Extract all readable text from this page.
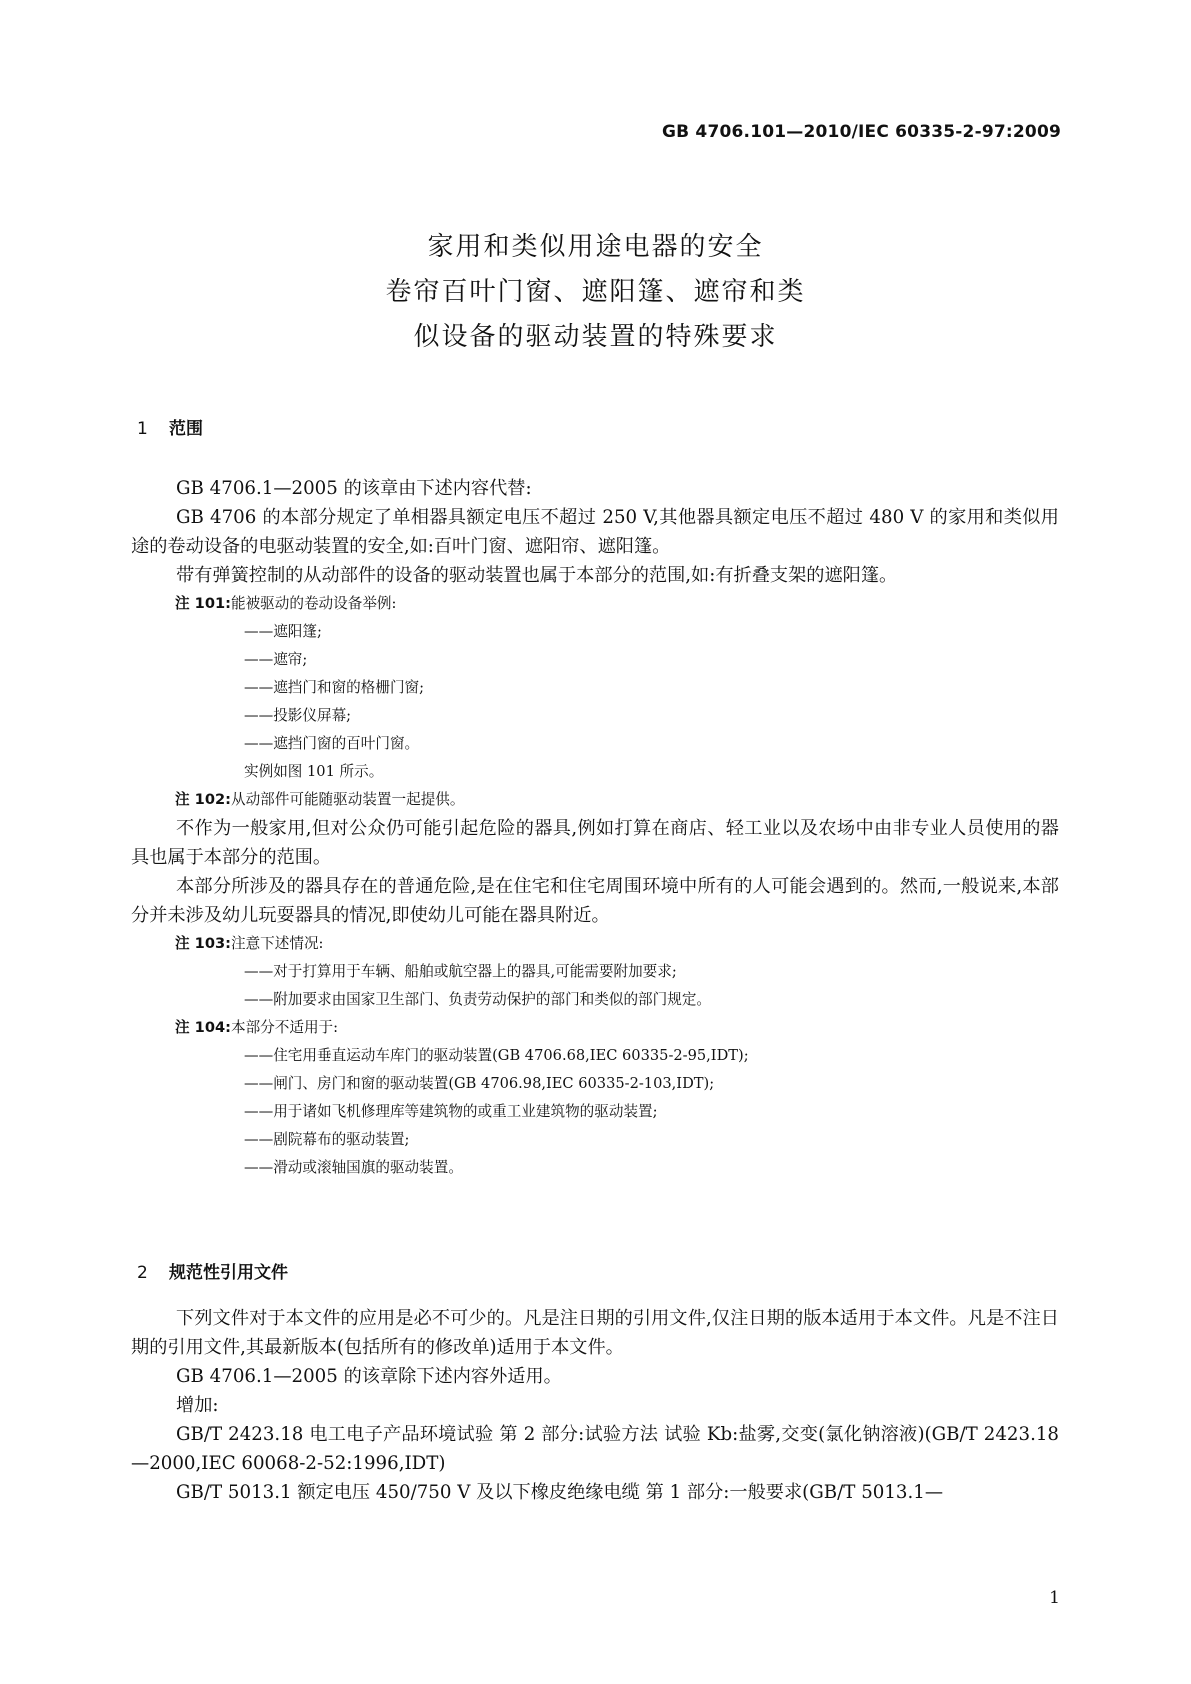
GB 4706.101—2010/IEC 60335-2-97:2009
家用和类似用途电器的安全
卷帘百叶门窗、遮阳篷、遮帘和类
似设备的驱动装置的特殊要求
1 范围
GB 4706.1—2005 的该章由下述内容代替:
GB 4706 的本部分规定了单相器具额定电压不超过 250 V,其他器具额定电压不超过 480 V 的家用和类似用途的卷动设备的电驱动装置的安全,如:百叶门窗、遮阳帘、遮阳篷。
带有弹簧控制的从动部件的设备的驱动装置也属于本部分的范围,如:有折叠支架的遮阳篷。
注 101:能被驱动的卷动设备举例:
——遮阳篷;
——遮帘;
——遮挡门和窗的格栅门窗;
——投影仪屏幕;
——遮挡门窗的百叶门窗。
实例如图 101 所示。
注 102:从动部件可能随驱动装置一起提供。
不作为一般家用,但对公众仍可能引起危险的器具,例如打算在商店、轻工业以及农场中由非专业人员使用的器具也属于本部分的范围。
本部分所涉及的器具存在的普通危险,是在住宅和住宅周围环境中所有的人可能会遇到的。然而,一般说来,本部分并未涉及幼儿玩耍器具的情况,即使幼儿可能在器具附近。
注 103:注意下述情况:
——对于打算用于车辆、船舶或航空器上的器具,可能需要附加要求;
——附加要求由国家卫生部门、负责劳动保护的部门和类似的部门规定。
注 104:本部分不适用于:
——住宅用垂直运动车库门的驱动装置(GB 4706.68,IEC 60335-2-95,IDT);
——闸门、房门和窗的驱动装置(GB 4706.98,IEC 60335-2-103,IDT);
——用于诸如飞机修理库等建筑物的或重工业建筑物的驱动装置;
——剧院幕布的驱动装置;
——滑动或滚轴国旗的驱动装置。
2 规范性引用文件
下列文件对于本文件的应用是必不可少的。凡是注日期的引用文件,仅注日期的版本适用于本文件。凡是不注日期的引用文件,其最新版本(包括所有的修改单)适用于本文件。
GB 4706.1—2005 的该章除下述内容外适用。
增加:
GB/T 2423.18 电工电子产品环境试验 第 2 部分:试验方法 试验 Kb:盐雾,交变(氯化钠溶液)(GB/T 2423.18—2000,IEC 60068-2-52:1996,IDT)
GB/T 5013.1 额定电压 450/750 V 及以下橡皮绝缘电缆 第 1 部分:一般要求(GB/T 5013.1—
1
